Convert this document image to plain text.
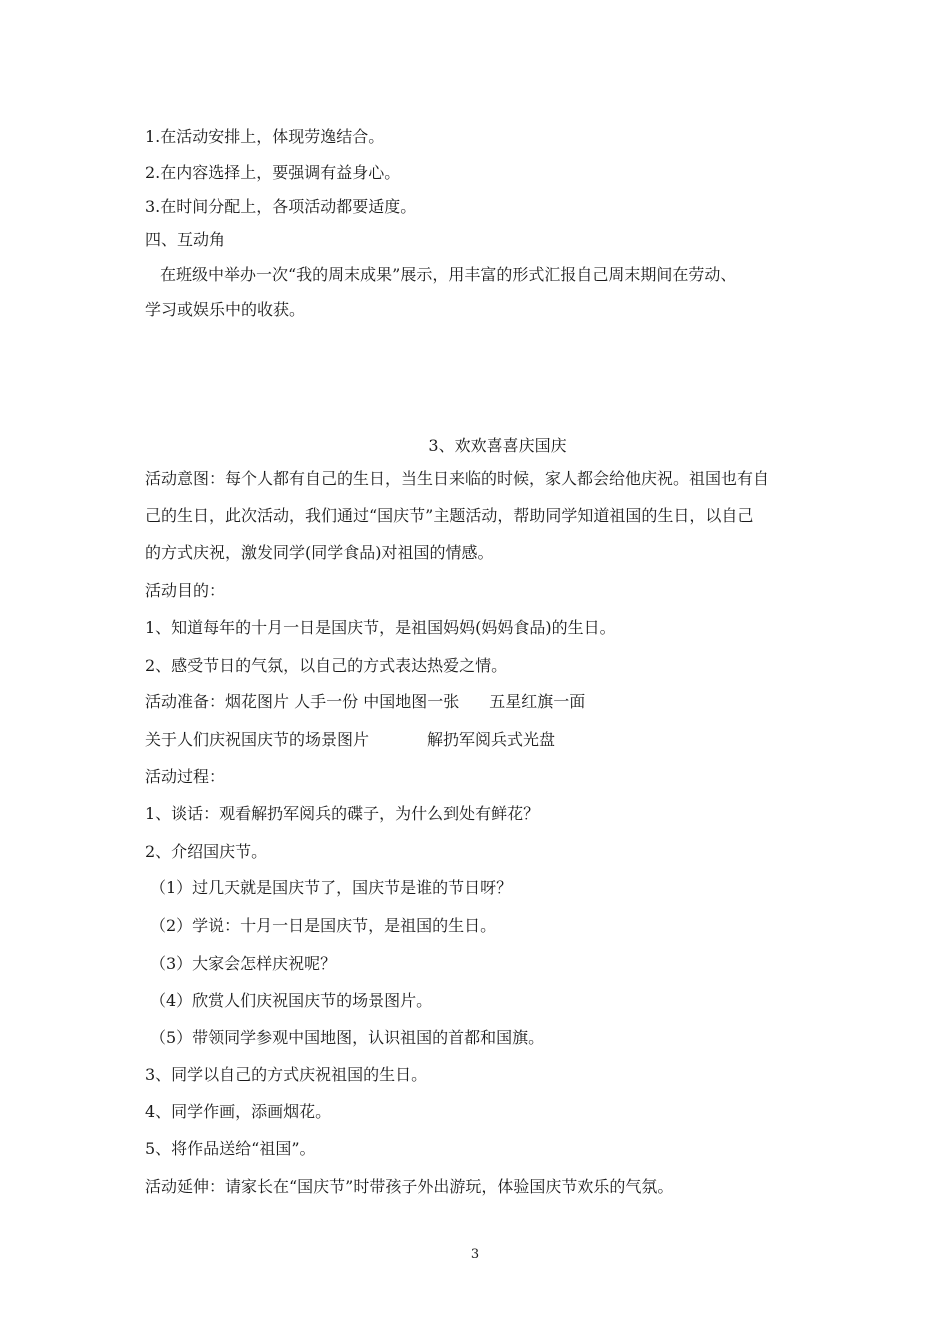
1.在活动安排上，体现劳逸结合。
2.在内容选择上，要强调有益身心。
3.在时间分配上，各项活动都要适度。
四、互动角
在班级中举办一次“我的周末成果”展示，用丰富的形式汇报自己周末期间在劳动、
学习或娱乐中的收获。
3、欢欢喜喜庆国庆
活动意图：每个人都有自己的生日，当生日来临的时候，家人都会给他庆祝。祖国也有自
己的生日，此次活动，我们通过“国庆节”主题活动，帮助同学知道祖国的生日，以自己
的方式庆祝，激发同学(同学食品)对祖国的情感。
活动目的：
1、知道每年的十月一日是国庆节，是祖国妈妈(妈妈食品)的生日。
2、感受节日的气氛，以自己的方式表达热爱之情。
活动准备：烟花图片 人手一份 中国地图一张 五星红旗一面
关于人们庆祝国庆节的场景图片	解扔军阅兵式光盘
活动过程：
1、谈话：观看解扔军阅兵的碟子，为什么到处有鲜花？
2、介绍国庆节。
（1）过几天就是国庆节了，国庆节是谁的节日呀？
（2）学说：十月一日是国庆节，是祖国的生日。
（3）大家会怎样庆祝呢？
（4）欣赏人们庆祝国庆节的场景图片。
（5）带领同学参观中国地图，认识祖国的首都和国旗。
3、同学以自己的方式庆祝祖国的生日。
4、同学作画，添画烟花。
5、将作品送给“祖国”。
活动延伸：请家长在“国庆节”时带孩子外出游玩，体验国庆节欢乐的气氛。
3
